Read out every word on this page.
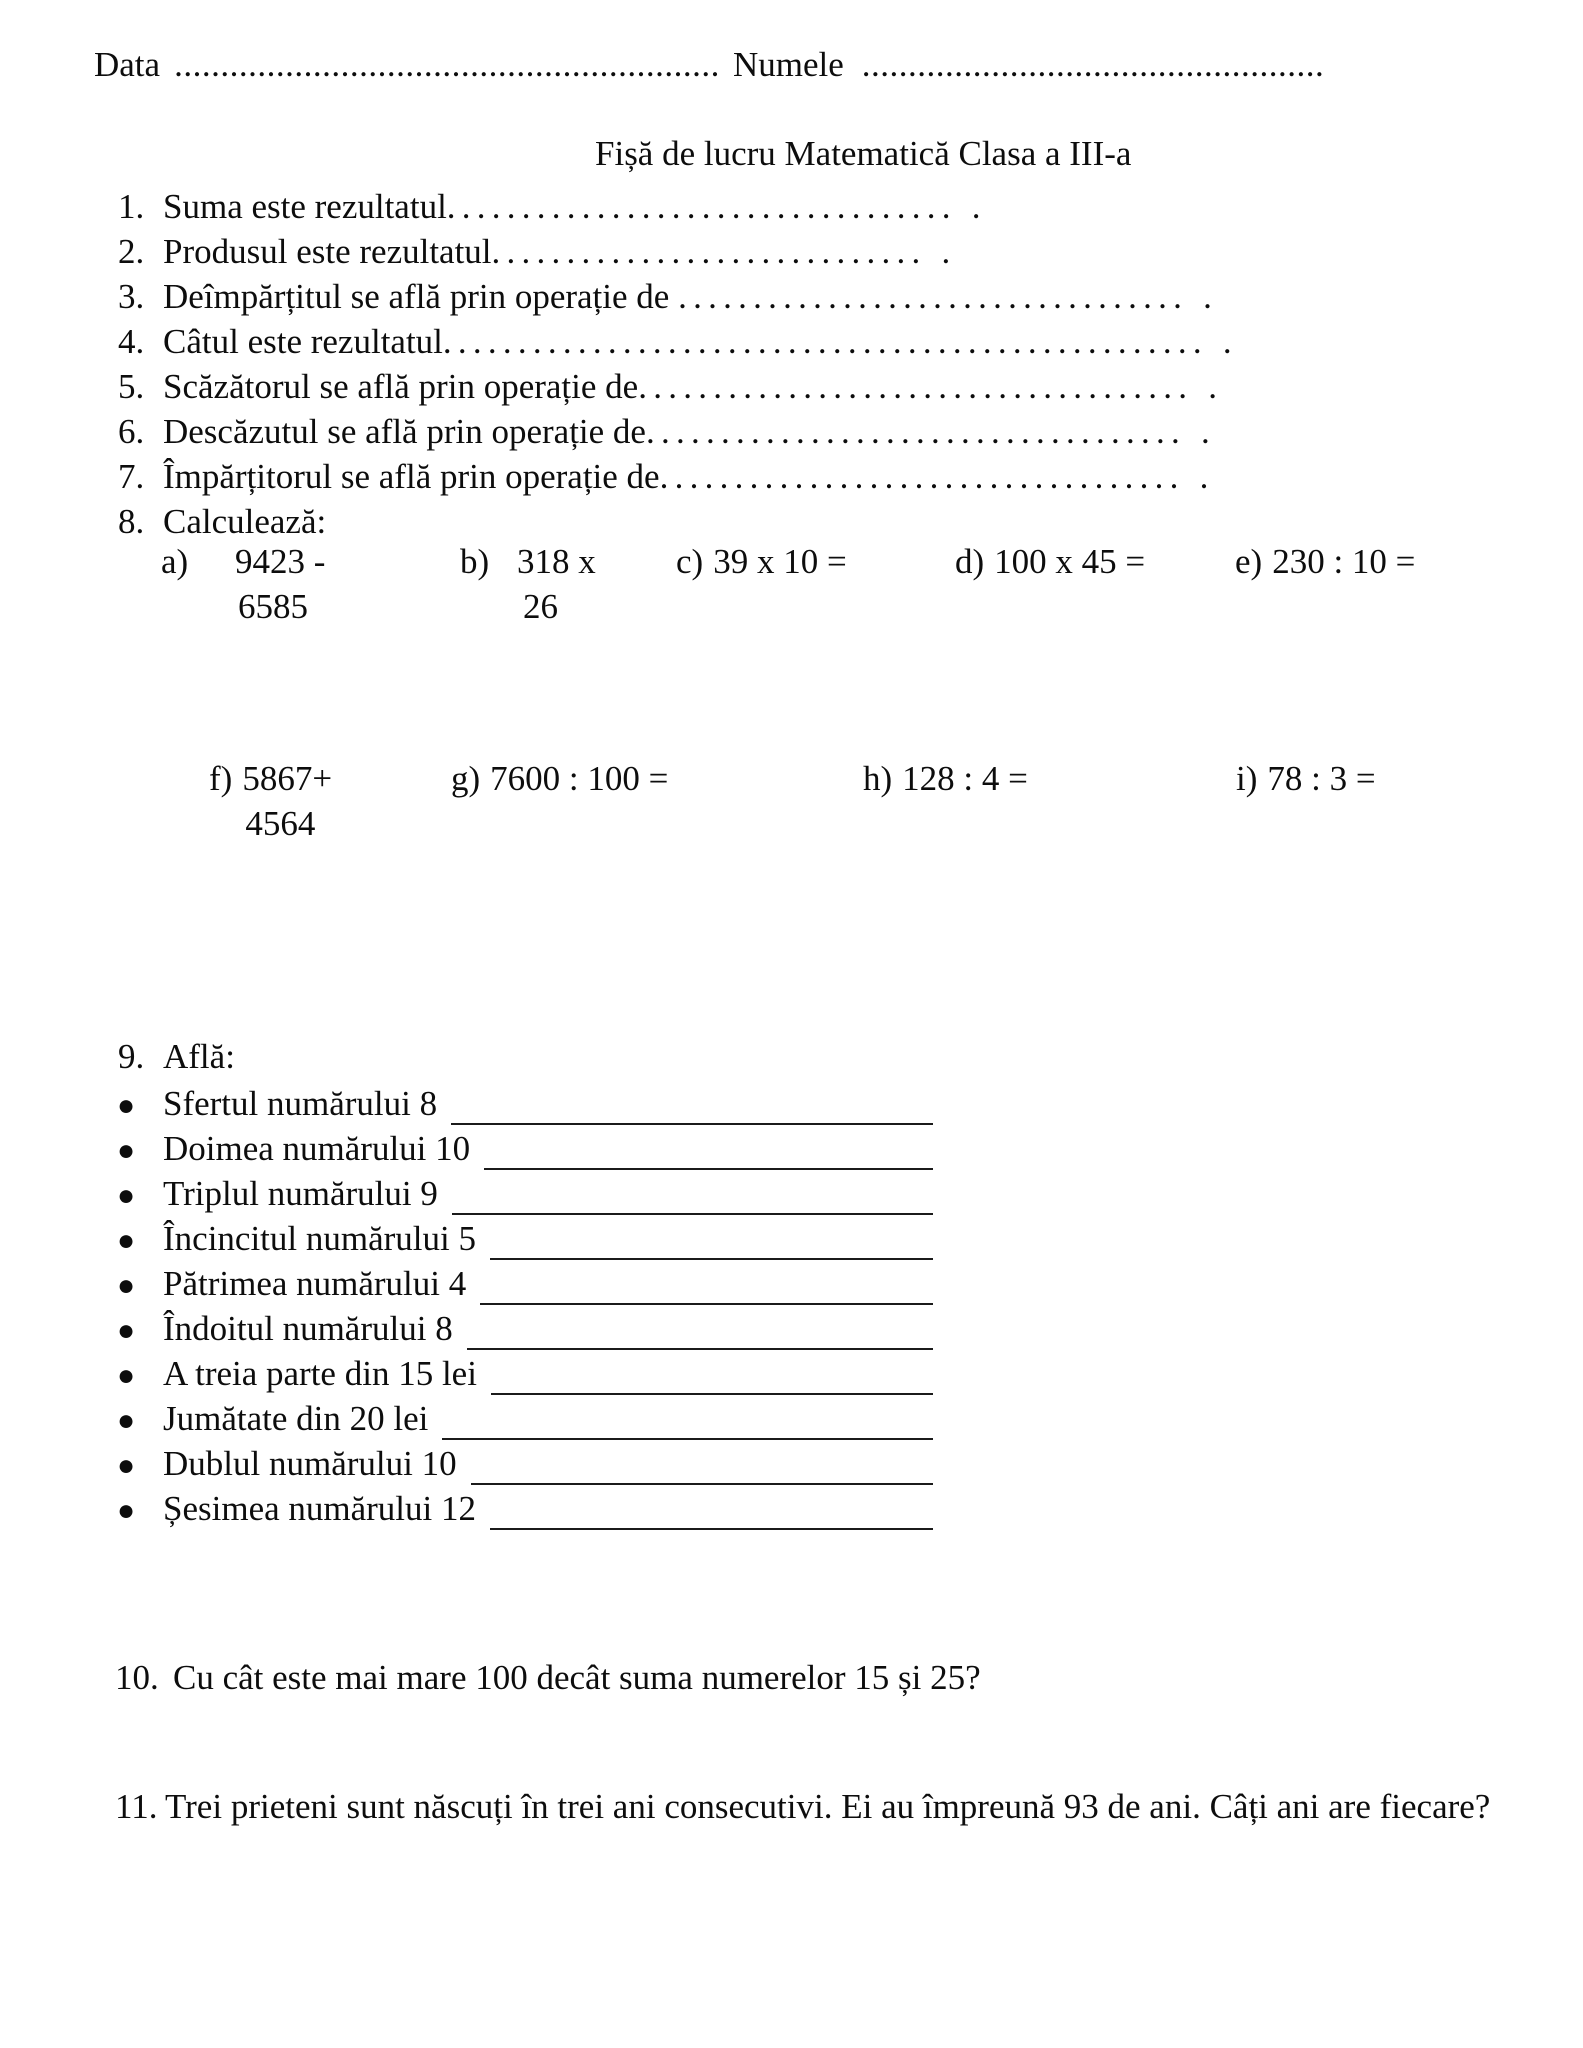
Data ........................................................... Numele ..................................................
Fișă de lucru Matematică Clasa a III-a
1. Suma este rezultatul.................................. .
2. Produsul este rezultatul............................. .
3. Deîmpărțitul se află prin operație de .................................. .
4. Câtul este rezultatul................................................... .
5. Scăzătorul se află prin operație de..................................... .
6. Descăzutul se află prin operație de.................................... .
7. Împărțitorul se află prin operație de................................... .
8. Calculează:
a)	9423 -
6585
b) 318 x
26
c) 39 x 10 =	d) 100 x 45 =	e) 230 : 10 =
f) 5867+
4564
g) 7600 : 100 =	h) 128 : 4 =	i) 78 : 3 =
9. Află:
● Sfertul numărului 8
● Doimea numărului 10
● Triplul numărului 9
● Încincitul numărului 5
● Pătrimea numărului 4
● Îndoitul numărului 8
● A treia parte din 15 lei
● Jumătate din 20 lei
● Dublul numărului 10
● Șesimea numărului 12
10. Cu cât este mai mare 100 decât suma numerelor 15 și 25?
11. Trei prieteni sunt născuți în trei ani consecutivi. Ei au împreună 93 de ani. Câți ani are fiecare?
